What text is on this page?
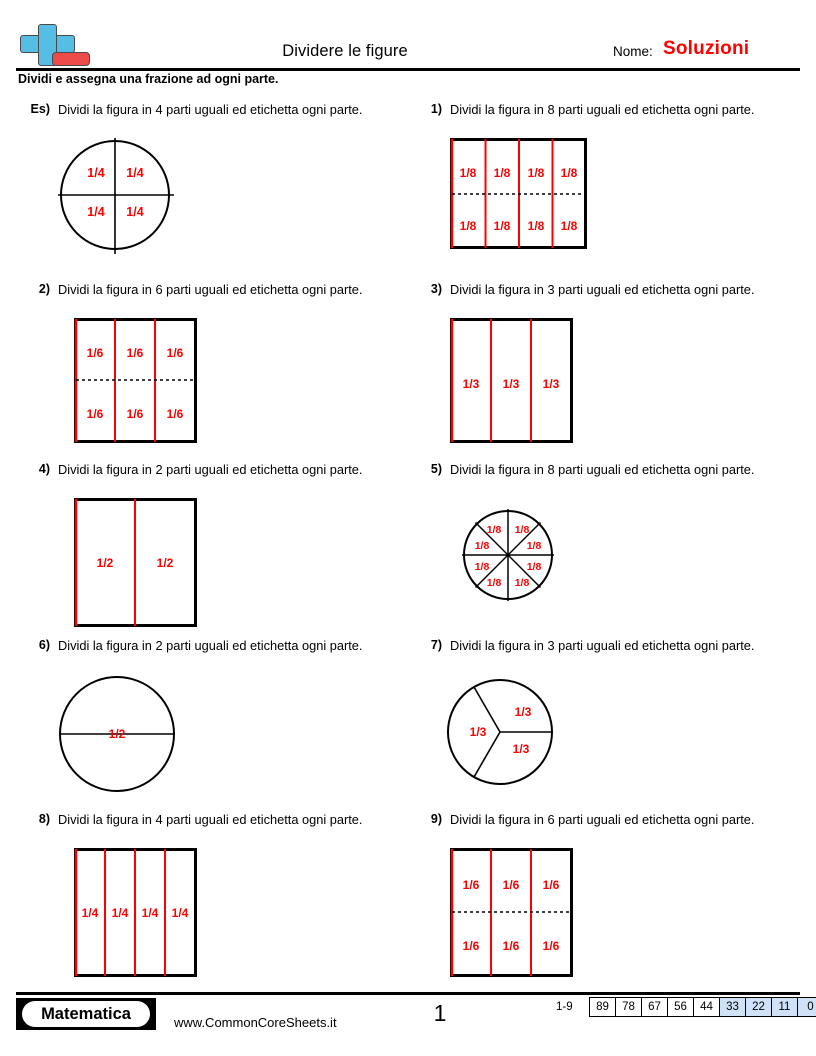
Dividere le figure	Nome: Soluzioni
Dividi e assegna una frazione ad ogni parte.
Es) Dividi la figura in 4 parti uguali ed etichetta ogni parte.
1/4 1/4
1/4 1/4
1) Dividi la figura in 8 parti uguali ed etichetta ogni parte.
1/8 1/8 1/8 1/8
1/8 1/8 1/8 1/8
2) Dividi la figura in 6 parti uguali ed etichetta ogni parte.
1/6 1/6 1/6
1/6 1/6 1/6
3) Dividi la figura in 3 parti uguali ed etichetta ogni parte.
1/3 1/3 1/3
4) Dividi la figura in 2 parti uguali ed etichetta ogni parte.
1/2	1/2
5) Dividi la figura in 8 parti uguali ed etichetta ogni parte.
1/8 1/8
1/8	1/8
1/8	1/8
1/8 1/8
6) Dividi la figura in 2 parti uguali ed etichetta ogni parte.
1/2
7) Dividi la figura in 3 parti uguali ed etichetta ogni parte.
1/3
1/3
1/3
8) Dividi la figura in 4 parti uguali ed etichetta ogni parte.
1/4 1/4 1/4 1/4
9) Dividi la figura in 6 parti uguali ed etichetta ogni parte.
1/6 1/6 1/6
1/6 1/6 1/6
Matematica	www.CommonCoreSheets.it	1	1-9	89	78	67	56	44	33	22	11	0
